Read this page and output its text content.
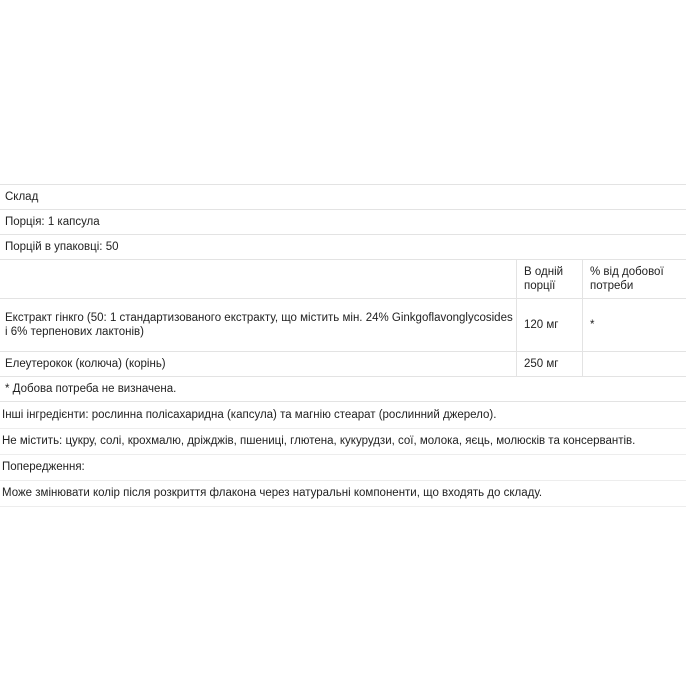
Склад		
Порція: 1 капсула		
Порцій в упаковці: 50		
	В одній порції	% від добової потреби
Екстракт гінкго (50: 1 стандартизованого екстракту, що містить мін. 24% Ginkgoflavonglycosides і 6% терпенових лактонів)	120 мг	*
Елеутерокок (колюча) (корінь)	250 мг	
* Добова потреба не визначена.		
Інші інгредієнти: рослинна полісахаридна (капсула) та магнію стеарат (рослинний джерело).
Не містить: цукру, солі, крохмалю, дріжджів, пшениці, глютена, кукурудзи, сої, молока, яєць, молюсків та консервантів.
Попередження:
Може змінювати колір після розкриття флакона через натуральні компоненти, що входять до складу.
